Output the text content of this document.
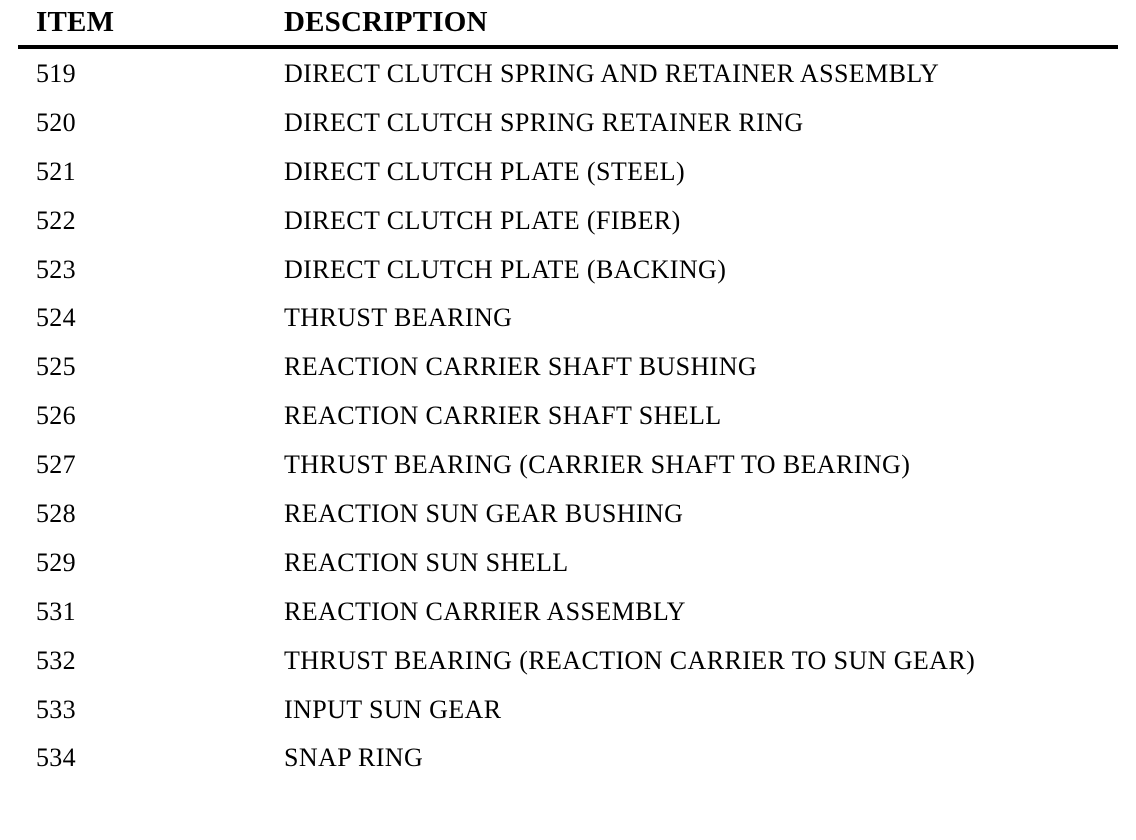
ITEM	DESCRIPTION
519	DIRECT CLUTCH SPRING AND RETAINER ASSEMBLY
520	DIRECT CLUTCH SPRING RETAINER RING
521	DIRECT CLUTCH PLATE (STEEL)
522	DIRECT CLUTCH PLATE (FIBER)
523	DIRECT CLUTCH PLATE (BACKING)
524	THRUST BEARING
525	REACTION CARRIER SHAFT BUSHING
526	REACTION CARRIER SHAFT SHELL
527	THRUST BEARING (CARRIER SHAFT TO BEARING)
528	REACTION SUN GEAR BUSHING
529	REACTION SUN SHELL
531	REACTION CARRIER ASSEMBLY
532	THRUST BEARING (REACTION CARRIER TO SUN GEAR)
533	INPUT SUN GEAR
534	SNAP RING
